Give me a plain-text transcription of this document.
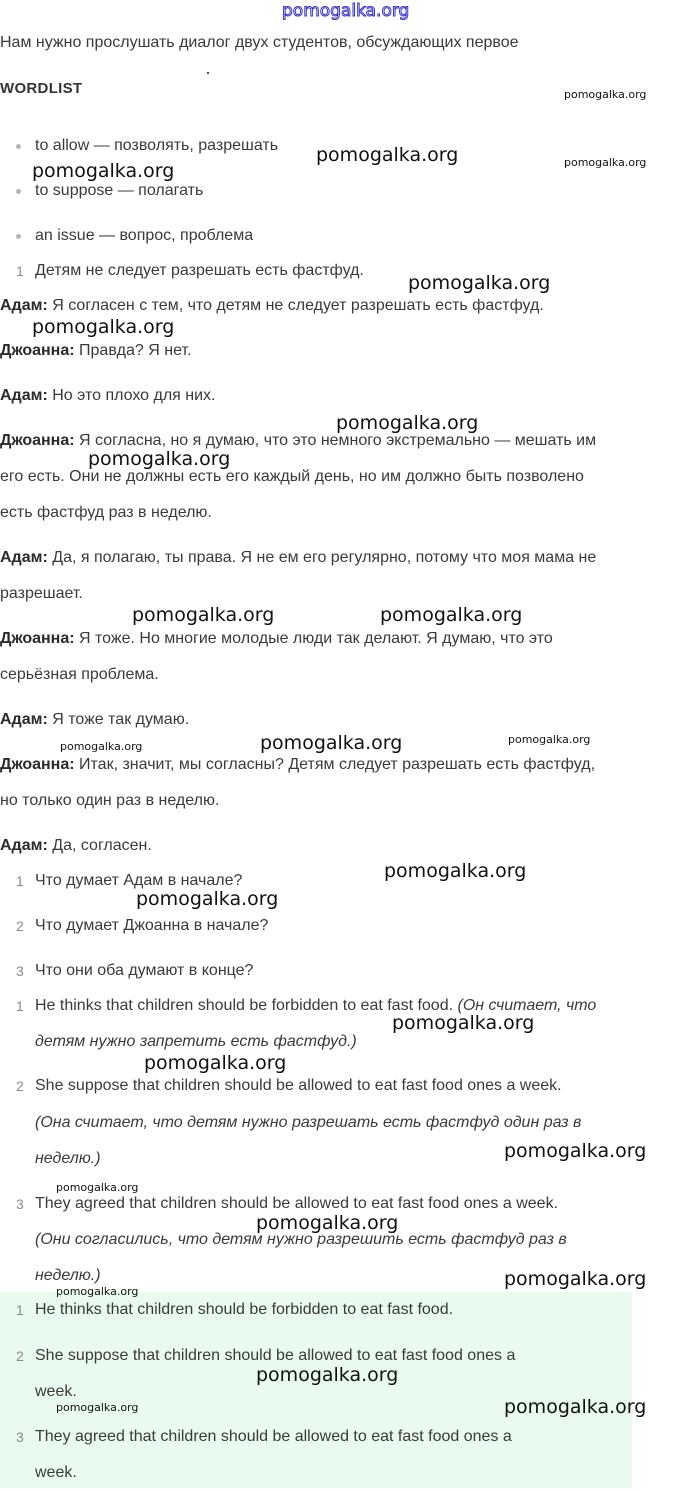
pomogalka.org
Нам нужно прослушать диалог двух студентов, обсуждающих первое
WORDLIST
to allow — позволять, разрешать
to suppose — полагать
an issue — вопрос, проблема
1 Детям не следует разрешать есть фастфуд.
Адам: Я согласен с тем, что детям не следует разрешать есть фастфуд.
Джоанна: Правда? Я нет.
Адам: Но это плохо для них.
Джоанна: Я согласна, но я думаю, что это немного экстремально — мешать им
его есть. Они не должны есть его каждый день, но им должно быть позволено
есть фастфуд раз в неделю.
Адам: Да, я полагаю, ты права. Я не ем его регулярно, потому что моя мама не
разрешает.
Джоанна: Я тоже. Но многие молодые люди так делают. Я думаю, что это
серьёзная проблема.
Адам: Я тоже так думаю.
Джоанна: Итак, значит, мы согласны? Детям следует разрешать есть фастфуд,
но только один раз в неделю.
Адам: Да, согласен.
1 Что думает Адам в начале?
2 Что думает Джоанна в начале?
3 Что они оба думают в конце?
1 He thinks that children should be forbidden to eat fast food. (Он считает, что
детям нужно запретить есть фастфуд.)
2 She suppose that children should be allowed to eat fast food ones a week.
(Она считает, что детям нужно разрешать есть фастфуд один раз в
неделю.)
3 They agreed that children should be allowed to eat fast food ones a week.
(Они согласились, что детям нужно разрешить есть фастфуд раз в
неделю.)
1 He thinks that children should be forbidden to eat fast food.
2 She suppose that children should be allowed to eat fast food ones a
week.
3 They agreed that children should be allowed to eat fast food ones a
week.
pomogalka.org
pomogalka.org	pomogalka.org
pomogalka.org
pomogalka.org
pomogalka.org
pomogalka.org
pomogalka.org
pomogalka.org	pomogalka.org
pomogalka.org	pomogalka.org	pomogalka.org
pomogalka.org
pomogalka.org
pomogalka.org
pomogalka.org
pomogalka.org
pomogalka.org
pomogalka.org
pomogalka.org
pomogalka.org
pomogalka.org
pomogalka.org	pomogalka.org
